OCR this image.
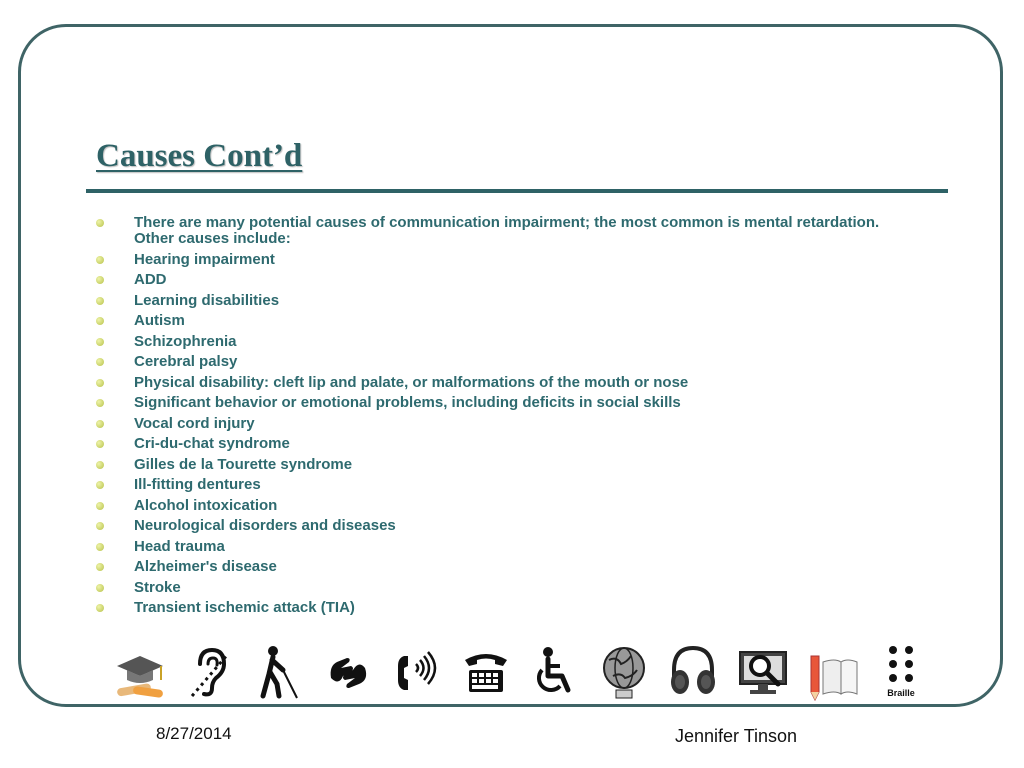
Causes Cont’d
There are many potential causes of communication impairment; the most common is mental retardation. Other causes include:
Hearing impairment
ADD
Learning disabilities
Autism
Schizophrenia
Cerebral palsy
Physical disability: cleft lip and palate, or malformations of the mouth or nose
Significant behavior or emotional problems, including deficits in social skills
Vocal cord injury
Cri-du-chat syndrome
Gilles de la Tourette syndrome
Ill-fitting dentures
Alcohol intoxication
Neurological disorders and diseases
Head trauma
Alzheimer's disease
Stroke
Transient ischemic attack (TIA)
Braille
8/27/2014	Jennifer Tinson
